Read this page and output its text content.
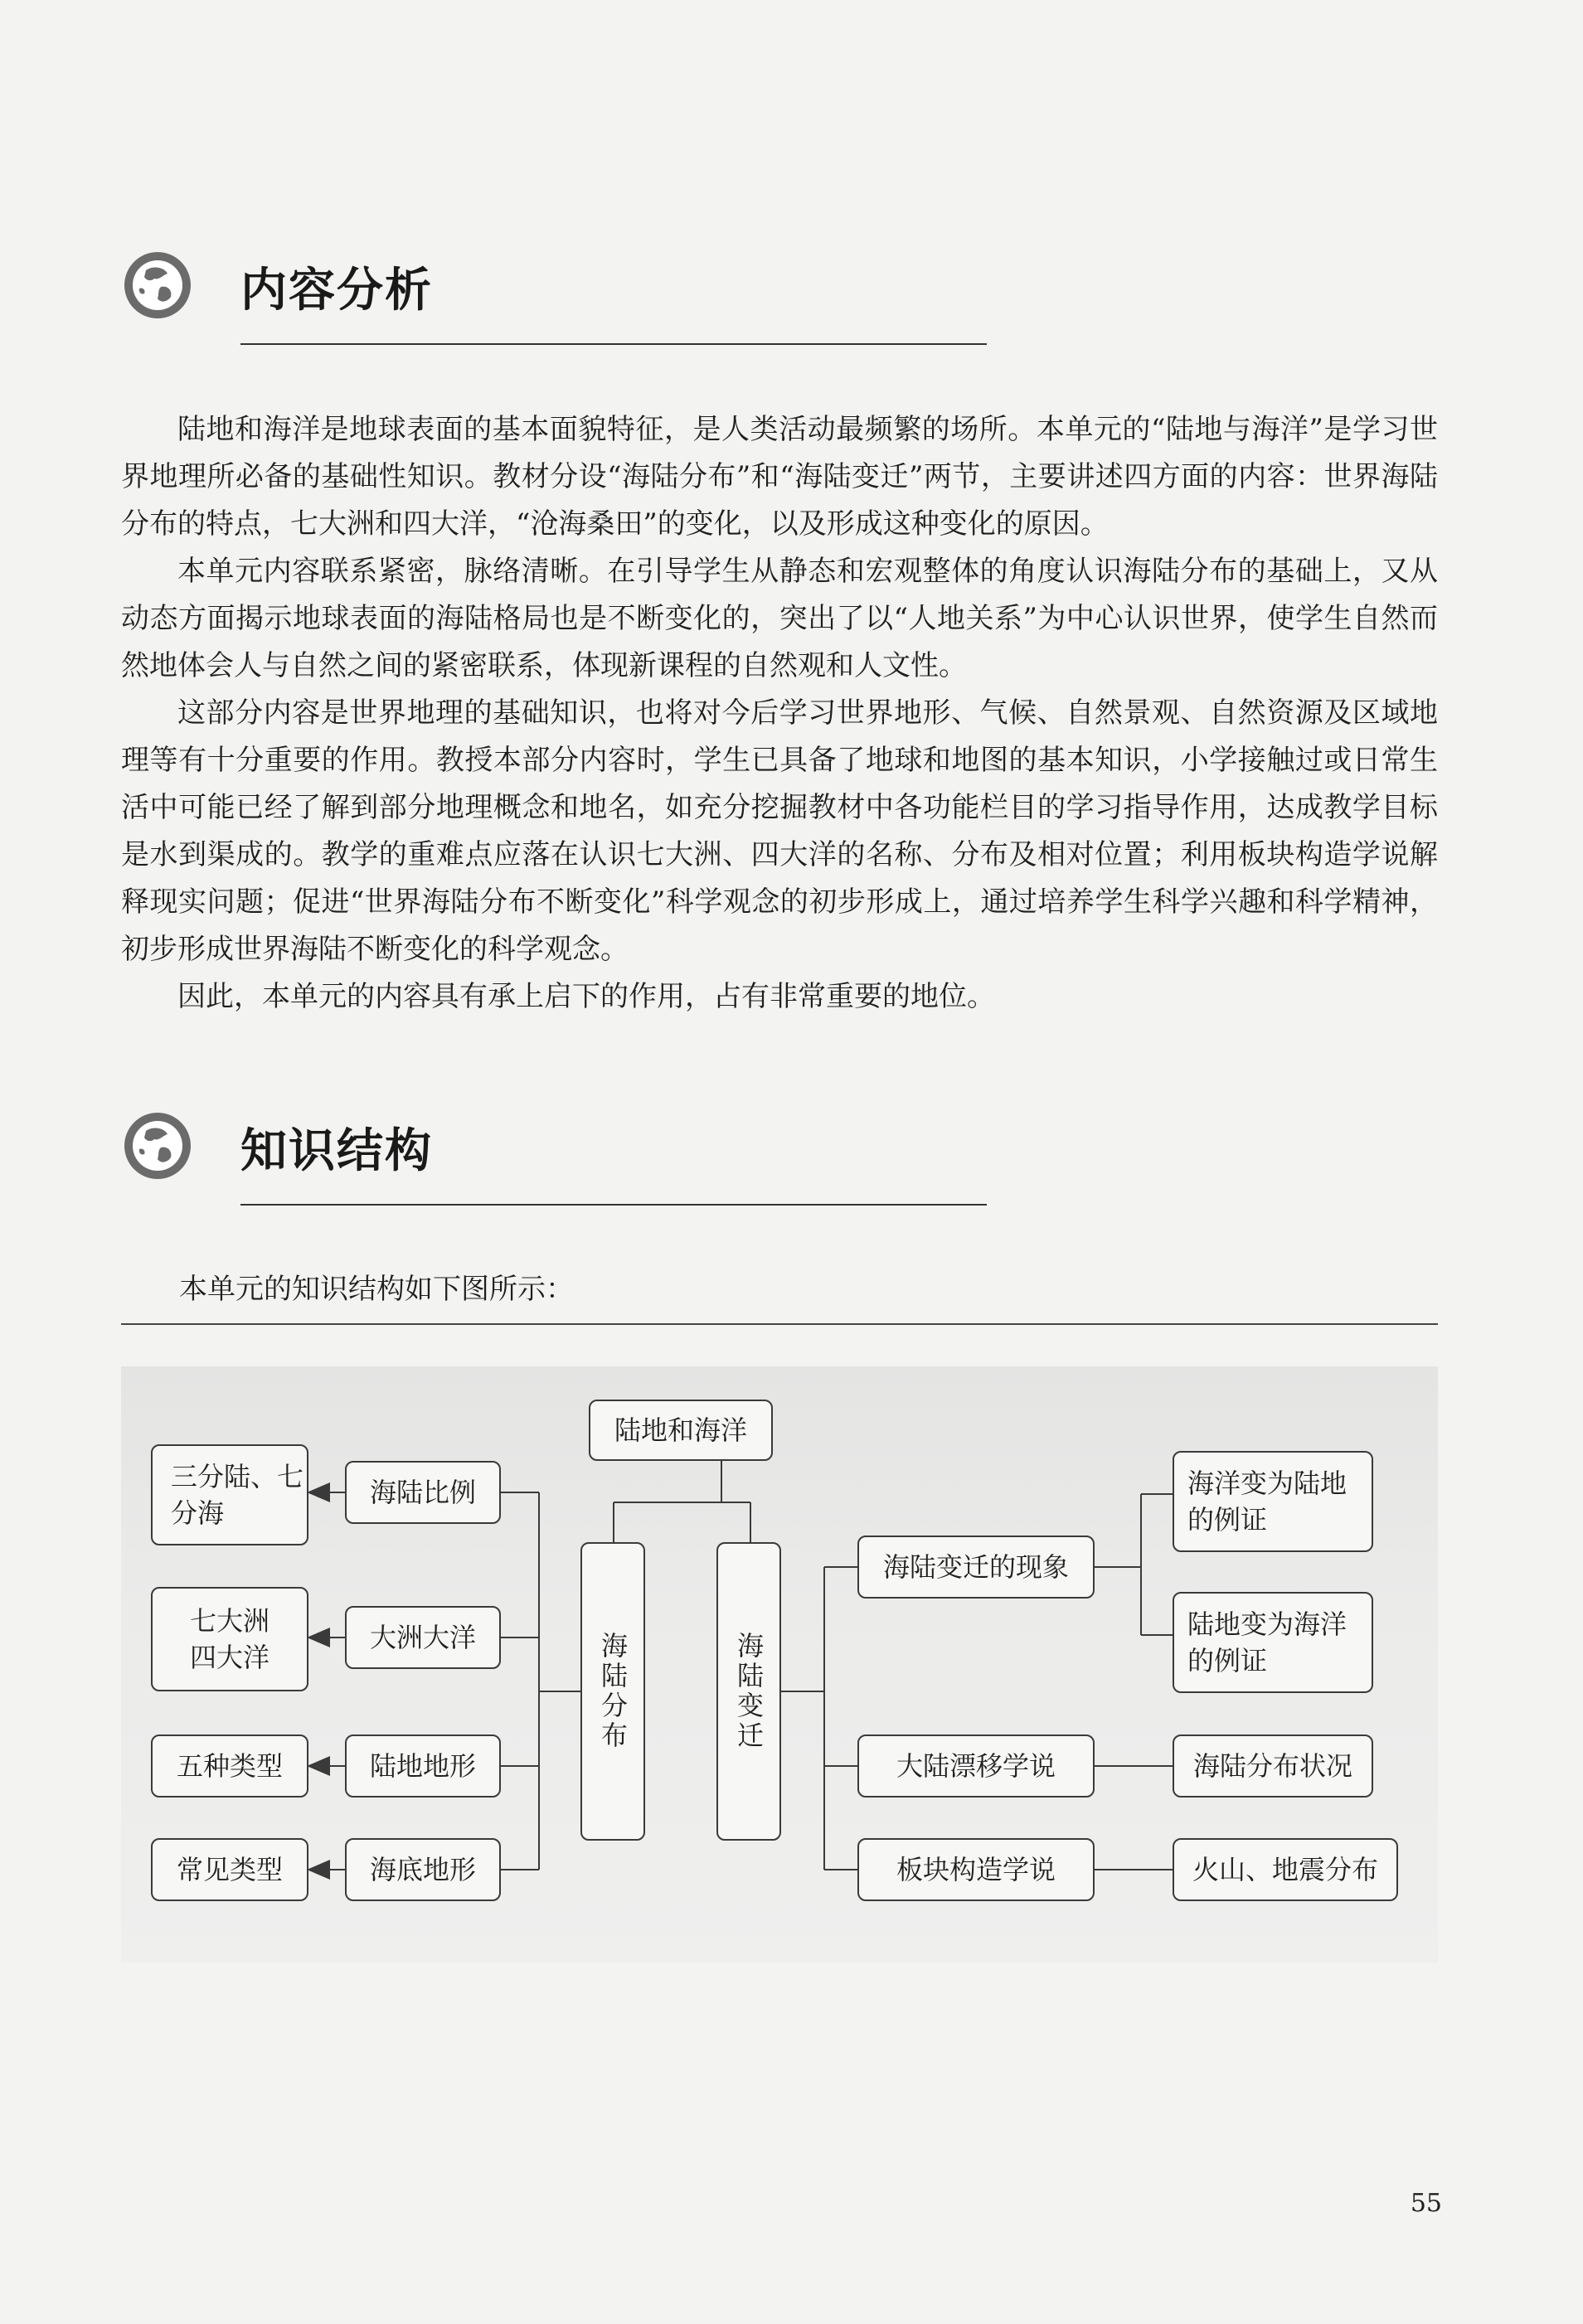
内容分析

陆地和海洋是地球表面的基本面貌特征，是人类活动最频繁的场所。本单元的“陆地与海洋”是学习世界地理所必备的基础性知识。教材分设“海陆分布”和“海陆变迁”两节，主要讲述四方面的内容：世界海陆分布的特点，七大洲和四大洋，“沧海桑田”的变化，以及形成这种变化的原因。

本单元内容联系紧密，脉络清晰。在引导学生从静态和宏观整体的角度认识海陆分布的基础上，又从动态方面揭示地球表面的海陆格局也是不断变化的，突出了以“人地关系”为中心认识世界，使学生自然而然地体会人与自然之间的紧密联系，体现新课程的自然观和人文性。

这部分内容是世界地理的基础知识，也将对今后学习世界地形、气候、自然景观、自然资源及区域地理等有十分重要的作用。教授本部分内容时，学生已具备了地球和地图的基本知识，小学接触过或日常生活中可能已经了解到部分地理概念和地名，如充分挖掘教材中各功能栏目的学习指导作用，达成教学目标是水到渠成的。教学的重难点应落在认识七大洲、四大洋的名称、分布及相对位置；利用板块构造学说解释现实问题；促进“世界海陆分布不断变化”科学观念的初步形成上，通过培养学生科学兴趣和科学精神，初步形成世界海陆不断变化的科学观念。

因此，本单元的内容具有承上启下的作用，占有非常重要的地位。

知识结构
本单元的知识结构如下图所示：
陆地和海洋
海陆分布	海陆变迁
海陆比例
大洲大洋
陆地地形
海底地形
三分陆、七分海
七大洲四大洋
五种类型
常见类型
海陆变迁的现象
海洋变为陆地的例证
陆地变为海洋的例证
大陆漂移学说	海陆分布状况
板块构造学说	火山、地震分布
55
